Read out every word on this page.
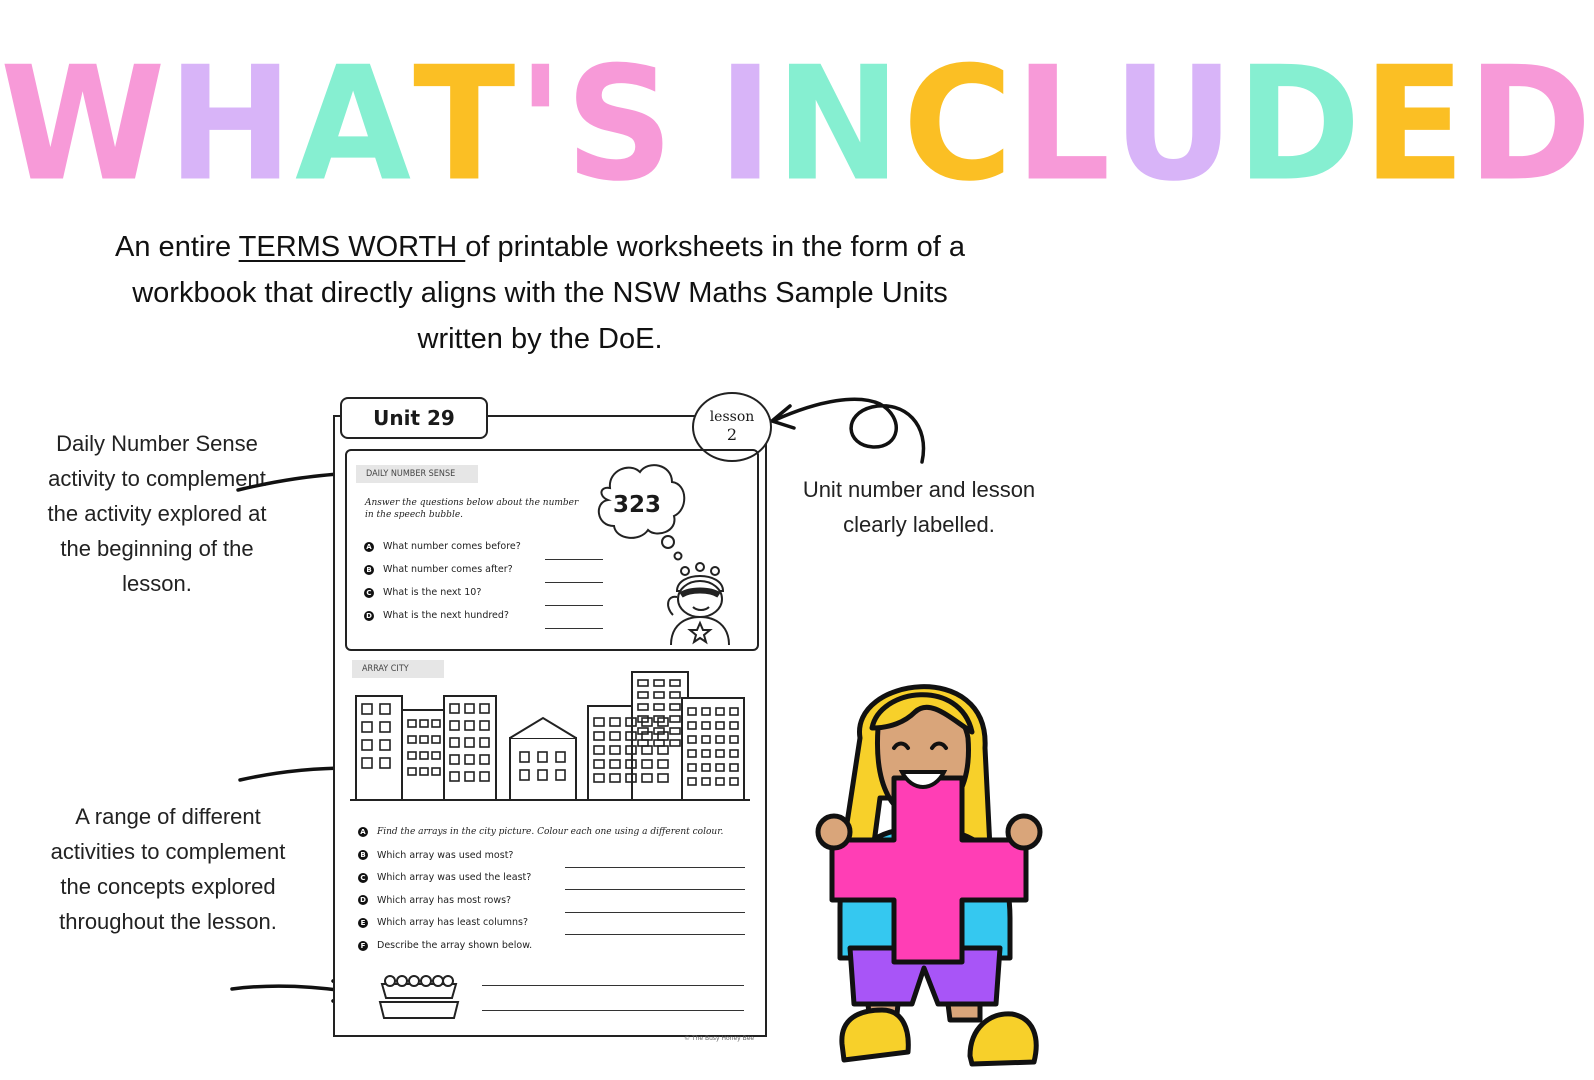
WHAT'S INCLUDED
An entire TERMS WORTH of printable worksheets in the form of a workbook that directly aligns with the NSW Maths Sample Units written by the DoE.
Daily Number Sense activity to complement the activity explored at the beginning of the lesson.
Unit number and lesson clearly labelled.
A range of different activities to complement the concepts explored throughout the lesson.
Unit 29	lesson
2
DAILY NUMBER SENSE
Answer the questions below about the number in the speech bubble.	323
A What number comes before?
B What number comes after?
C What is the next 10?
D What is the next hundred?
ARRAY CITY
A Find the arrays in the city picture. Colour each one using a different colour.
B Which array was used most?
C Which array was used the least?
D Which array has most rows?
E Which array has least columns?
F Describe the array shown below.
© The Busy Honey Bee
